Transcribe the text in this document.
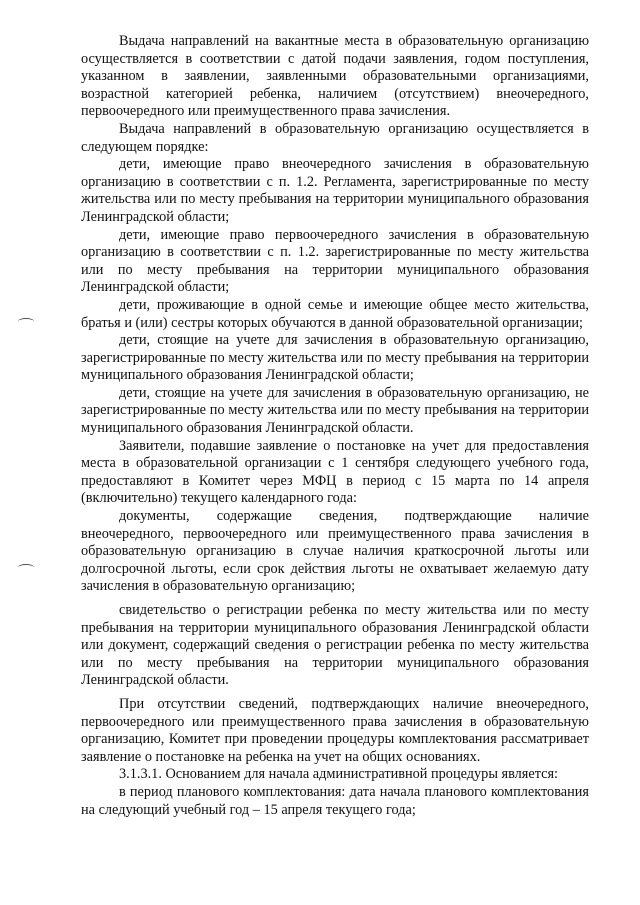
Выдача направлений на вакантные места в образовательную организацию осуществляется в соответствии с датой подачи заявления, годом поступления, указанном в заявлении, заявленными образовательными организациями, возрастной категорией ребенка, наличием (отсутствием) внеочередного, первоочередного или преимущественного права зачисления.

Выдача направлений в образовательную организацию осуществляется в следующем порядке:

дети, имеющие право внеочередного зачисления в образовательную организацию в соответствии с п. 1.2. Регламента, зарегистрированные по месту жительства или по месту пребывания на территории муниципального образования Ленинградской области;

дети, имеющие право первоочередного зачисления в образовательную организацию в соответствии с п. 1.2. зарегистрированные по месту жительства или по месту пребывания на территории муниципального образования Ленинградской области;

дети, проживающие в одной семье и имеющие общее место жительства, братья и (или) сестры которых обучаются в данной образовательной организации;

дети, стоящие на учете для зачисления в образовательную организацию, зарегистрированные по месту жительства или по месту пребывания на территории муниципального образования Ленинградской области;

дети, стоящие на учете для зачисления в образовательную организацию, не зарегистрированные по месту жительства или по месту пребывания на территории муниципального образования Ленинградской области.

Заявители, подавшие заявление о постановке на учет для предоставления места в образовательной организации с 1 сентября следующего учебного года, предоставляют в Комитет через МФЦ в период с 15 марта по 14 апреля (включительно) текущего календарного года:

документы, содержащие сведения, подтверждающие наличие внеочередного, первоочередного или преимущественного права зачисления в образовательную организацию в случае наличия краткосрочной льготы или долгосрочной льготы, если срок действия льготы не охватывает желаемую дату зачисления в образовательную организацию;

свидетельство о регистрации ребенка по месту жительства или по месту пребывания на территории муниципального образования Ленинградской области или документ, содержащий сведения о регистрации ребенка по месту жительства или по месту пребывания на территории муниципального образования Ленинградской области.

При отсутствии сведений, подтверждающих наличие внеочередного, первоочередного или преимущественного права зачисления в образовательную организацию, Комитет при проведении процедуры комплектования рассматривает заявление о постановке на ребенка на учет на общих основаниях.

3.1.3.1. Основанием для начала административной процедуры является:

в период планового комплектования: дата начала планового комплектования на следующий учебный год – 15 апреля текущего года;
